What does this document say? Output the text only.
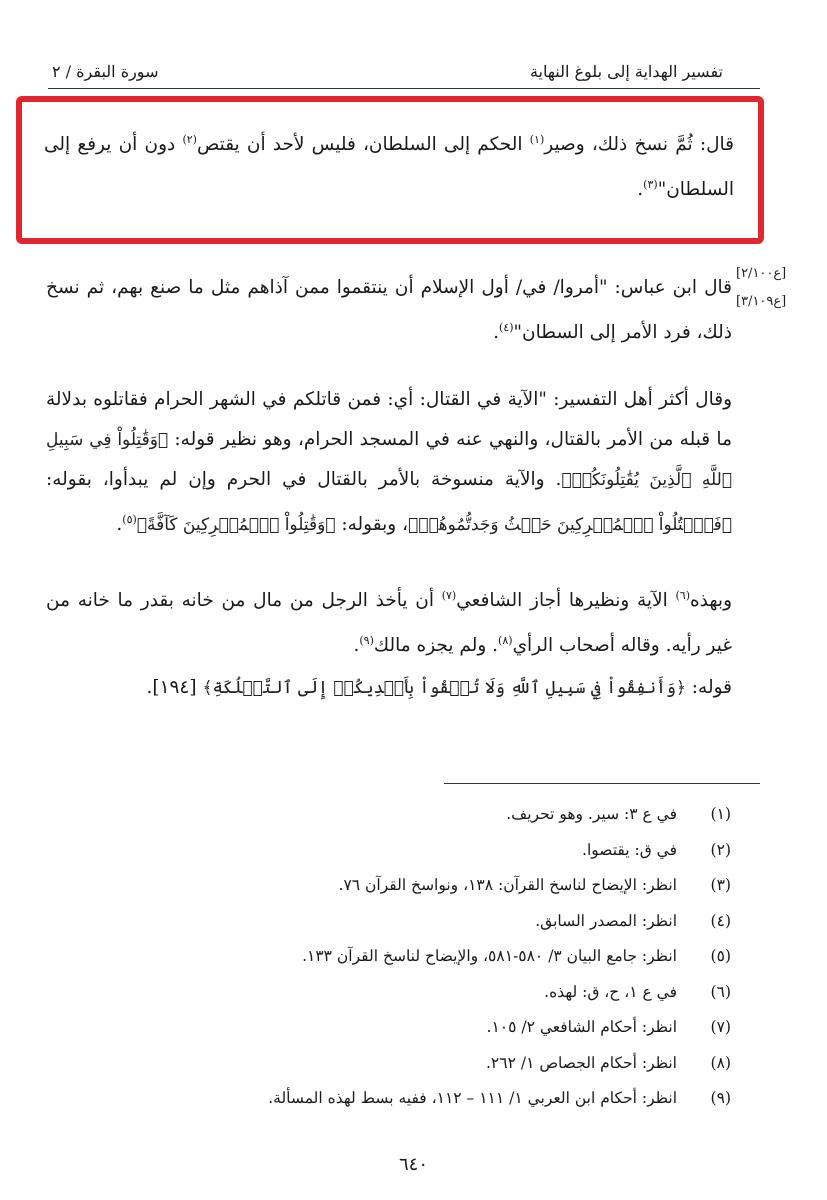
تفسير الهداية إلى بلوغ النهاية
سورة البقرة / ٢
قال: ثُمَّ نسخ ذلك، وصير$^{(١)}$ الحكم إلى السلطان، فليس لأحد أن يقتص$^{(٢)}$ دون أن يرفع إلى السلطان"$^{(٣)}$.
[ع٢/١٠٠]
[ع٣/١٠٩]
قال ابن عباس: "أمروا/ في/ أول الإسلام أن ينتقموا ممن آذاهم مثل ما صنع بهم، ثم نسخ ذلك، فرد الأمر إلى السطان"$^{(٤)}$.
وقال أكثر أهل التفسير: "الآية في القتال: أي: فمن قاتلكم في الشهر الحرام فقاتلوه بدلالة ما قبله من الأمر بالقتال، والنهي عنه في المسجد الحرام، وهو نظير قوله: ﴿وَقَٰتِلُواْ فِي سَبِيلِ ٱللَّهِ ٱلَّذِينَ يُقَٰتِلُونَكُمۡ﴾. والآية منسوخة بالأمر بالقتال في الحرم وإن لم يبدأوا، بقوله: ﴿فَٱقۡتُلُواْ ٱلۡمُشۡرِكِينَ حَيۡثُ وَجَدتُّمُوهُمۡ﴾، وبقوله: ﴿وَقَٰتِلُواْ ٱلۡمُشۡرِكِينَ كَآفَّةً﴾$^{(٥)}$.
وبهذه$^{(٦)}$ الآية ونظيرها أجاز الشافعي$^{(٧)}$ أن يأخذ الرجل من مال من خانه بقدر ما خانه من غير رأيه. وقاله أصحاب الرأي$^{(٨)}$. ولم يجزه مالك$^{(٩)}$.
قوله: ﴿وَأَنفِقُواْ فِي سَبِيلِ ٱللَّهِ وَلَا تُلۡقُواْ بِأَيۡدِيكُمۡ إِلَى ٱلتَّهۡلُكَةِ﴾ [١٩٤].
(١)في ع ٣: سير. وهو تحريف.
(٢)في ق: يقتصوا.
(٣)انظر: الإيضاح لناسخ القرآن: ١٣٨، ونواسخ القرآن ٧٦.
(٤)انظر: المصدر السابق.
(٥)انظر: جامع البيان ٣/ ٥٨٠-٥٨١، والإيضاح لناسخ القرآن ١٣٣.
(٦)في ع ١، ح، ق: لهذه.
(٧)انظر: أحكام الشافعي ٢/ ١٠٥.
(٨)انظر: أحكام الجصاص ١/ ٢٦٢.
(٩)انظر: أحكام ابن العربي ١/ ١١١ – ١١٢، ففيه بسط لهذه المسألة.
٦٤٠
